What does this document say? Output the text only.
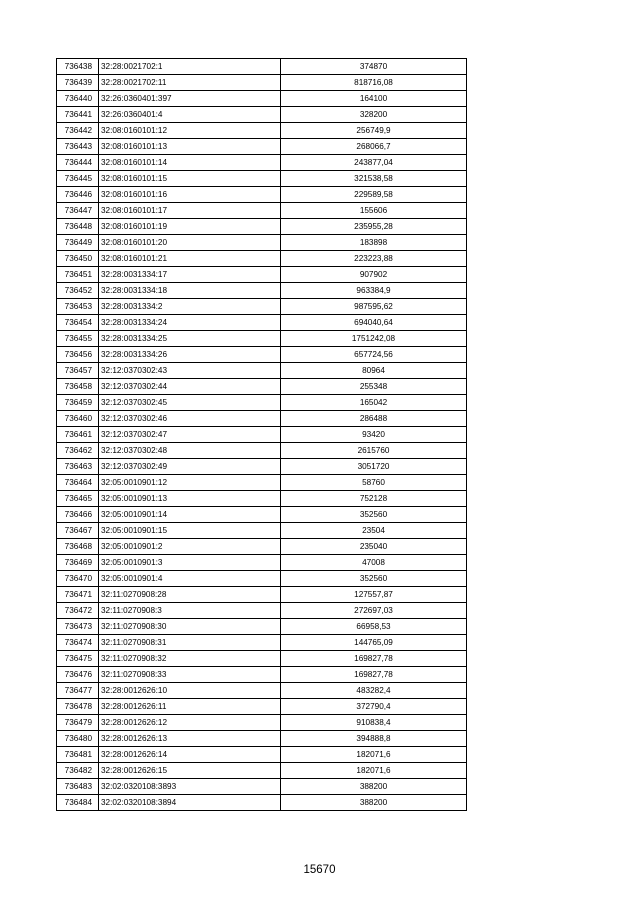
736438	32:28:0021702:1	374870
736439	32:28:0021702:11	818716,08
736440	32:26:0360401:397	164100
736441	32:26:0360401:4	328200
736442	32:08:0160101:12	256749,9
736443	32:08:0160101:13	268066,7
736444	32:08:0160101:14	243877,04
736445	32:08:0160101:15	321538,58
736446	32:08:0160101:16	229589,58
736447	32:08:0160101:17	155606
736448	32:08:0160101:19	235955,28
736449	32:08:0160101:20	183898
736450	32:08:0160101:21	223223,88
736451	32:28:0031334:17	907902
736452	32:28:0031334:18	963384,9
736453	32:28:0031334:2	987595,62
736454	32:28:0031334:24	694040,64
736455	32:28:0031334:25	1751242,08
736456	32:28:0031334:26	657724,56
736457	32:12:0370302:43	80964
736458	32:12:0370302:44	255348
736459	32:12:0370302:45	165042
736460	32:12:0370302:46	286488
736461	32:12:0370302:47	93420
736462	32:12:0370302:48	2615760
736463	32:12:0370302:49	3051720
736464	32:05:0010901:12	58760
736465	32:05:0010901:13	752128
736466	32:05:0010901:14	352560
736467	32:05:0010901:15	23504
736468	32:05:0010901:2	235040
736469	32:05:0010901:3	47008
736470	32:05:0010901:4	352560
736471	32:11:0270908:28	127557,87
736472	32:11:0270908:3	272697,03
736473	32:11:0270908:30	66958,53
736474	32:11:0270908:31	144765,09
736475	32:11:0270908:32	169827,78
736476	32:11:0270908:33	169827,78
736477	32:28:0012626:10	483282,4
736478	32:28:0012626:11	372790,4
736479	32:28:0012626:12	910838,4
736480	32:28:0012626:13	394888,8
736481	32:28:0012626:14	182071,6
736482	32:28:0012626:15	182071,6
736483	32:02:0320108:3893	388200
736484	32:02:0320108:3894	388200
15670
